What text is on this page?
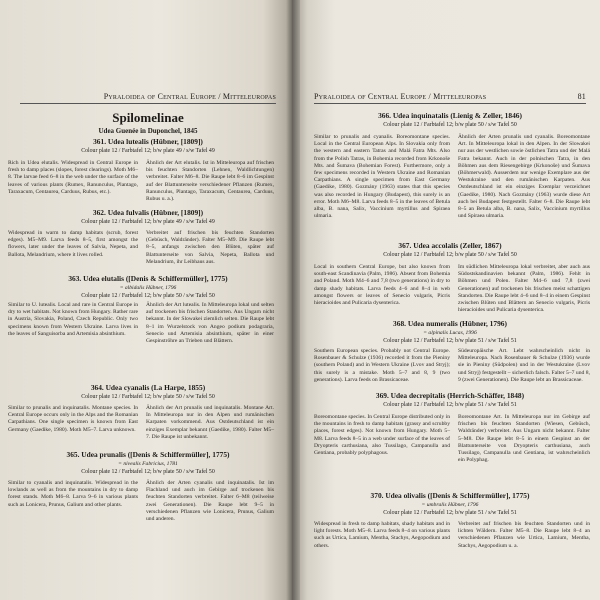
Pyraloidea of Central Europe / Mitteleuropas
Spilomelinae
Udea Guenée in Duponchel, 1845
361. Udea lutealis (Hübner, [1809])
Colour plate 12 / Farbtafel 12; b/w plate 49 / s/w Tafel 49
Rich in Udea elutalis. Widespread in Central Europe in fresh to damp places (slopes, forest clearings). Moth M6–8. The larvae feed 6–8 in the web under the surface of the leaves of various plants (Rumex, Ranunculus, Plantago, Taraxacum, Centaurea, Carduus, Rubus, etc.).
Ähnlich der Art elutalis. Ist in Mitteleuropa auf frischen bis feuchten Standorten (Lehnen, Waldlichtungen) verbreitet. Falter M6–8. Die Raupe lebt 8–6 im Gespinst auf der Blattunterseite verschiedener Pflanzen (Rumex, Ranunculus, Plantago, Taraxacum, Centaurea, Carduus, Rubus u. a.).
362. Udea fulvalis (Hübner, [1809])
Colour plate 12 / Farbtafel 12; b/w plate 49 / s/w Tafel 49
Widespread in warm to damp habitats (scrub, forest edges). M5–M9. Larva feeds 8–5, first amongst the flowers, later under the leaves of Salvia, Nepeta, and Ballota, Melandrium, where it lives rolled.
Verbreitet auf frischen bis feuchten Standorten (Gebüsch, Waldränder). Falter M5–M9. Die Raupe lebt 8–5, anfangs zwischen den Blüten, später auf Blattunterseite von Salvia, Nepeta, Ballota und Melandrium, ihr Leibhaus aus.
363. Udea elutalis ([Denis & Schiffermüller], 1775)
= albidalis Hübner, 1796
Colour plate 12 / Farbtafel 12; b/w plate 50 / s/w Tafel 50
Similar to U. lutealis. Local and rare in Central Europe in dry to wet habitats. Not known from Hungary. Rather rare in Austria, Slovakia, Poland, Czech Republic. Only two specimens known from Western Ukraine. Larva lives in the leaves of Sanguisorba and Artemisia absinthium.
Ähnlich der Art lutealis. In Mitteleuropa lokal und selten auf trockenen bis frischen Standorten. Aus Ungarn nicht bekannt. In der Slowakei ziemlich selten. Die Raupe lebt 8–1 im Wurzelstock von Angeo podium podagraria, Senecio und Artemisia absinthium, später in einer Gespinströhre an Trieben und Blättern.
364. Udea cyanalis (La Harpe, 1855)
Colour plate 12 / Farbtafel 12; b/w plate 50 / s/w Tafel 50
Similar to prunalis and inquinatalis. Montane species. In Central Europe occurs only in the Alps and the Romanian Carpathians. One single specimen is known from East Germany (Gaedike, 1980). Moth M5–7. Larva unknown.
Ähnlich der Art prunalis und inquinatalis. Montane Art. In Mitteleuropa nur in den Alpen und rumänischen Karpaten vorkommend. Aus Ostdeutschland ist ein einziges Exemplar bekannt (Gaedike, 1980). Falter M5–7. Die Raupe ist unbekannt.
365. Udea prunalis ([Denis & Schiffermüller], 1775)
= nivealis Fabricius, 1781
Colour plate 12 / Farbtafel 12; b/w plate 50 / s/w Tafel 50
Similar to cyanalis and inquinatalis. Widespread in the lowlands as well as from the mountains in dry to damp forest stands. Moth M6–8. Larva 9–6 in various plants such as Lonicera, Prunus, Galium and other plants.
Ähnlich der Arten cyanalis und inquinatalis. Ist im Flachland und auch im Gebirge auf trockenen bis feuchten Standorten verbreitet. Falter 6–M8 (teilweise zwei Generationen). Die Raupe lebt 9–5 in verschiedenen Pflanzen wie Lonicera, Prunus, Galium und anderen.
Pyraloidea of Central Europe / Mitteleuropas	81
366. Udea inquinatalis (Lienig & Zeller, 1846)
Colour plate 12 / Farbtafel 12; b/w plate 50 / s/w Tafel 50
Similar to prunalis and cyanalis. Boreomontane species. Local in the Central European Alps. In Slovakia only from the western and eastern Tatras and Malá Fatra Mts. Also from the Polish Tatras, in Bohemia recorded from Krkonoše Mts. and Šumava (Bohemian Forest). Furthermore, only a few specimens recorded in Western Ukraine and Romanian Carpathians. A single specimen from East Germany (Gaedike, 1980). Gozmány (1963) states that this species was also recorded in Hungary (Budapest), this surely is an error. Moth M6–M8. Larva feeds 8–5 in the leaves of Betula alba, B. nana, Salix, Vaccinium myrtillus and Spiraea ulmaria.
Ähnlich der Arten prunalis und cyanalis. Boreomontane Art. In Mitteleuropa lokal in den Alpen. In der Slowakei nur aus der westlichen sowie östlichen Tatra und der Malá Fatra bekannt. Auch in der polnischen Tatra, in den Böhmen aus dem Riesengebirge (Krkonoše) und Šumava (Böhmerwald). Ausserdem nur wenige Exemplare aus der Westukraine und den rumänischen Karpaten. Aus Ostdeutschland ist ein einziges Exemplar verzeichnet (Gaedike, 1980). Nach Gozmány (1963) wurde diese Art auch bei Budapest festgestellt. Falter 6–8. Die Raupe lebt 8–5 an Betula alba, B. nana, Salix, Vaccinium myrtillus und Spiraea ulmaria.
367. Udea accolalis (Zeller, 1867)
Colour plate 12 / Farbtafel 12; b/w plate 50 / s/w Tafel 50
Local in southern Central Europe, but also known from south-east Scandinavia (Palm, 1986). Absent from Bohemia and Poland. Moth M4–6 and 7,8 (two generations) in dry to damp shady habitats. Larva feeds 4–6 and 8–4 in web amongst flowers or leaves of Senecio vulgaris, Picris hieracioides and Pulicaria dysenterica.
Im südlichen Mitteleuropa lokal verbreitet, aber auch aus Südostskandinavien bekannt (Palm, 1986). Fehlt in Böhmen und Polen. Falter M4–6 und 7,8 (zwei Generationen) auf trockenen bis frischen meist schattigen Standorten. Die Raupe lebt 4–6 und 8–4 in einem Gespinst zwischen Blüten und Blättern an Senecio vulgaris, Picris hieracioides und Pulicaria dysenterica.
368. Udea numeralis (Hübner, 1796)
= alpinalis Lucas, 1996
Colour plate 12 / Farbtafel 12; b/w plate 51 / s/w Tafel 51
Southern European species. Probably not Central Europe. Rosenbauer & Schulze (1936) recorded it from the Pieniny (southern Poland) and in Western Ukraine (Lvov and Stryj); this surely is a mistake. Moth 5–7 and 8, 9 (two generations). Larva feeds on Brassicaceae.
Südeuropäische Art. Lebt wahrscheinlich nicht in Mitteleuropa. Nach Rosenbauer & Schulze (1936) wurde sie in Pieniny (Südpolen) und in der Westukraine (Lvov und Stryj) festgestellt – sicherlich falsch. Falter 5–7 und 8, 9 (zwei Generationen). Die Raupe lebt an Brassicaceae.
369. Udea decrepitalis (Herrich-Schäffer, 1848)
Colour plate 12 / Farbtafel 12; b/w plate 51 / s/w Tafel 51
Boreomontane species. In Central Europe distributed only in the mountains in fresh to damp habitats (grassy and scrubby places, forest edges). Not known from Hungary. Moth 5–M8. Larva feeds 8–5 in a web under surface of the leaves of Dryopteris carthusiana, also Tussilago, Campanulla and Gentiana, probably polyphagous.
Boreomontane Art. In Mitteleuropa nur im Gebirge auf frischen bis feuchten Standorten (Wiesen, Gebüsch, Waldränder) verbreitet. Aus Ungarn nicht bekannt. Falter 5–M8. Die Raupe lebt 8–5 in einem Gespinst an der Blattunterseite von Dryopteris carthusiana, auch Tussilago, Campanulla und Gentiana, ist wahrscheinlich ein Polyphag.
370. Udea olivalis ([Denis & Schiffermüller], 1775)
= umbralis Hübner, 1796
Colour plate 12 / Farbtafel 12; b/w plate 51 / s/w Tafel 51
Widespread in fresh to damp habitats, shady habitats and in light forests. Moth M5–8. Larva feeds 8–4 on various plants such as Urtica, Lamium, Mentha, Stachys, Aegopodium and others.
Verbreitet auf frischen bis feuchten Standorten und in lichten Wäldern. Falter M5–8. Die Raupe lebt 8–4 an verschiedenen Pflanzen wie Urtica, Lamium, Mentha, Stachys, Aegopodium u. a.
